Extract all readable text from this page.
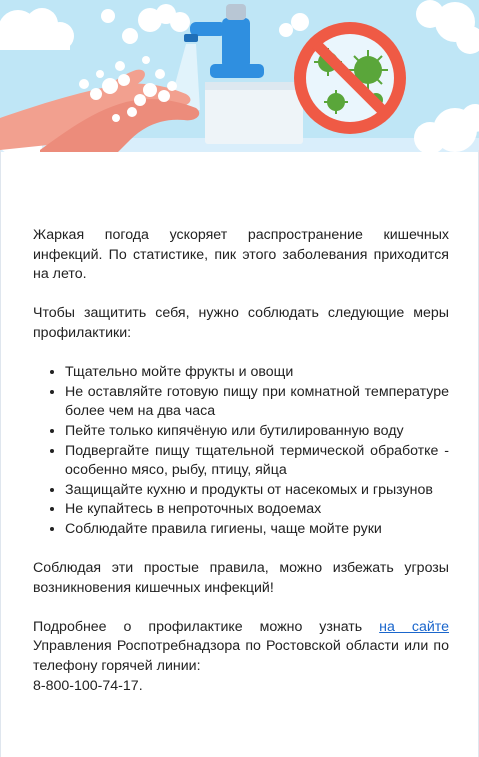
Жаркая погода ускоряет распространение кишечных инфекций. По статистике, пик этого заболевания приходится на лето.

Чтобы защитить себя, нужно соблюдать следующие меры профилактики:

• Тщательно мойте фрукты и овощи
• Не оставляйте готовую пищу при комнатной температуре более чем на два часа
• Пейте только кипячёную или бутилированную воду
• Подвергайте пищу тщательной термической обработке - особенно мясо, рыбу, птицу, яйца
• Защищайте кухню и продукты от насекомых и грызунов
• Не купайтесь в непроточных водоемах
• Соблюдайте правила гигиены, чаще мойте руки

Соблюдая эти простые правила, можно избежать угрозы возникновения кишечных инфекций!

Подробнее о профилактике можно узнать на сайте Управления Роспотребнадзора по Ростовской области или по телефону горячей линии:
8-800-100-74-17.
